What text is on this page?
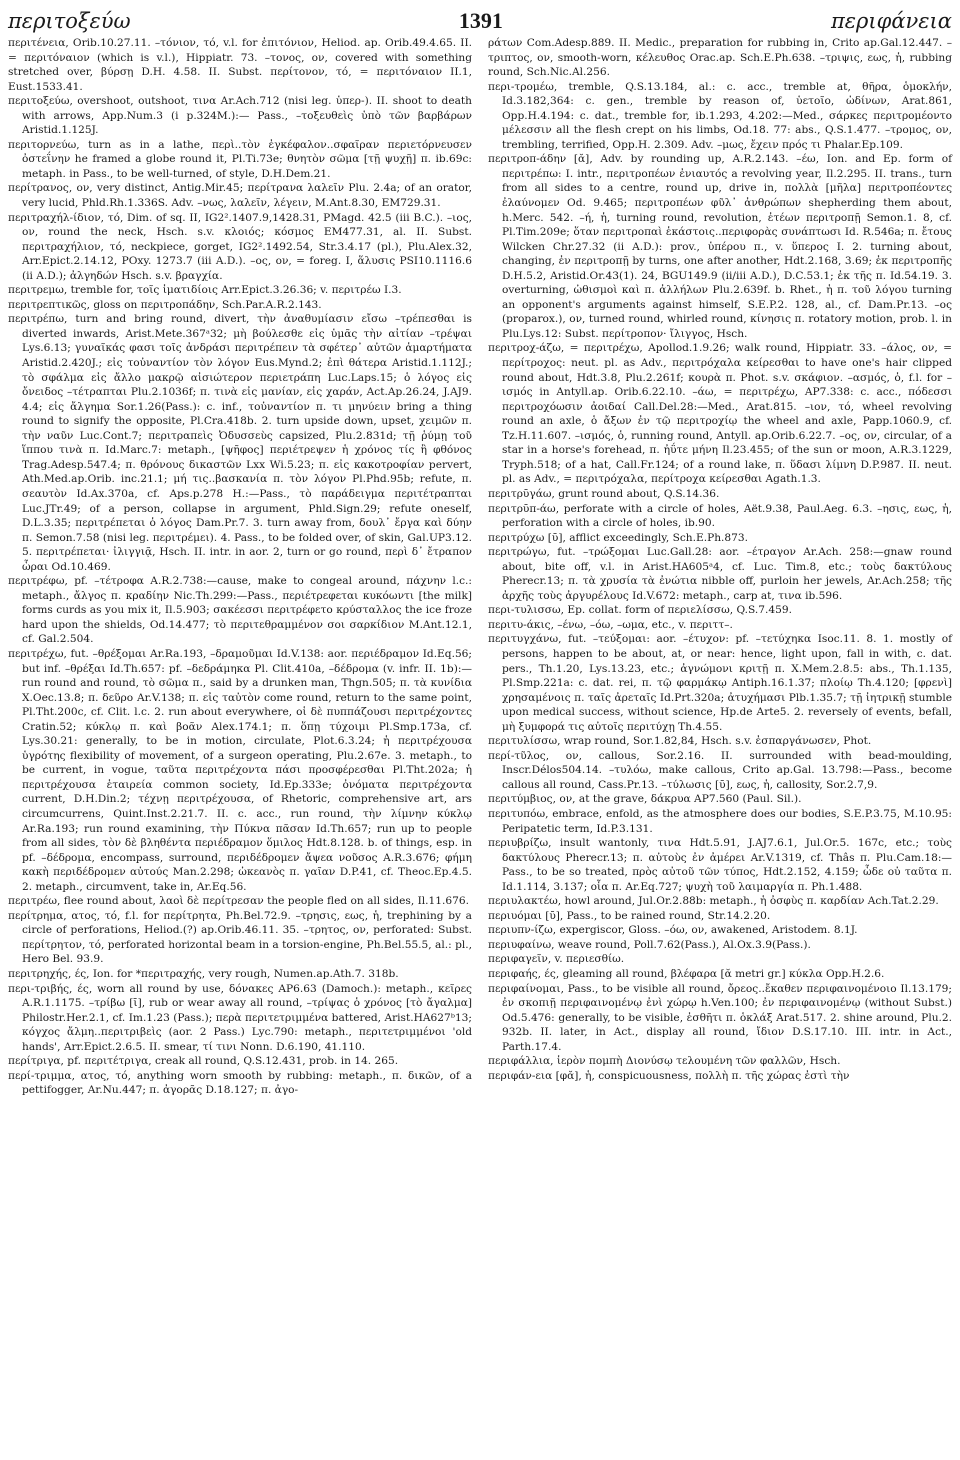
περιτοξεύω	1391	περιφάνεια

περιτένεια, Orib.10.27.11. –τόνιον, τό, v.l. for ἐπιτόνιον, Heliod. ap. Orib.49.4.65. II. = περιτόναιον (which is v.l.), Hippiatr. 73. –τονος, ον, covered with something stretched over, βύρσῃ D.H. 4.58. II. Subst. περίτονον, τό, = περιτόναιον II.1, Eust.1533.41.

περιτοξεύω, overshoot, outshoot, τινα Ar.Ach.712 (nisi leg. ὑπερ-). II. shoot to death with arrows, App.Num.3 (i p.324M.):— Pass., –τοξευθεὶς ὑπὸ τῶν βαρβάρων Aristid.1.125J.

περιτορνεύω, turn as in a lathe, περὶ..τὸν ἐγκέφαλον..σφαῖραν περιετόρνευσεν ὀστεΐνην he framed a globe round it, Pl.Ti.73e; θνητὸν σῶμα [τῇ ψυχῇ] π. ib.69c: metaph. in Pass., to be well-turned, of style, D.H.Dem.21.

περίτρανος, ον, very distinct, Antig.Mir.45; περίτρανα λαλεῖν Plu. 2.4a; of an orator, very lucid, Phld.Rh.1.336S. Adv. –νως, λαλεῖν, λέγειν, M.Ant.8.30, EM729.31.

περιτραχήλ-ίδιον, τό, Dim. of sq. II, IG2².1407.9,1428.31, PMagd. 42.5 (iii B.C.). –ιος, ον, round the neck, Hsch. s.v. κλοιός; κόσμος EM477.31, al. II. Subst. περιτραχήλιον, τό, neckpiece, gorget, IG2².1492.54, Str.3.4.17 (pl.), Plu.Alex.32, Arr.Epict.2.14.12, POxy. 1273.7 (iii A.D.). –ος, ον, = foreg. I, ἅλυσις PSI10.1116.6 (ii A.D.); ἀλγηδών Hsch. s.v. βραγχία.

περιτρεμω, tremble for, τοῖς ἱματιδίοις Arr.Epict.3.26.36; v. περιτρέω I.3.

περιτρεπτικῶς, gloss on περιτροπάδην, Sch.Par.A.R.2.143.

περιτρέπω, turn and bring round, divert, τὴν ἀναθυμίασιν εἴσω –τρέπεσθαι is diverted inwards, Arist.Mete.367ᵃ32; μὴ βούλεσθε εἰς ὑμᾶς τὴν αἰτίαν –τρέψαι Lys.6.13; γυναῖκάς φασι τοῖς ἀνδράσι περιτρέπειν τὰ σφέτερ᾽ αὐτῶν ἁμαρτήματα Aristid.2.420J.; εἰς τοὐναντίον τὸν λόγον Eus.Mynd.2; ἐπὶ θάτερα Aristid.1.112J.; τὸ σφάλμα εἰς ἄλλο μακρῷ αἰσιώτερον περιετράπη Luc.Laps.15; ὁ λόγος εἰς ὄνειδος –τέτραπται Plu.2.1036f; π. τινὰ εἰς μανίαν, εἰς χαράν, Act.Ap.26.24, J.AJ9. 4.4; εἰς ἄλγημα Sor.1.26(Pass.): c. inf., τοὐναντίον π. τι μηνύειν bring a thing round to signify the opposite, Pl.Cra.418b. 2. turn upside down, upset, χειμῶν π. τὴν ναῦν Luc.Cont.7; περιτραπεὶς Ὀδυσσεὺς capsized, Plu.2.831d; τῇ ῥύμῃ τοῦ ἵππου τινὰ π. Id.Marc.7: metaph., [ψῆφος] περιέτρεψεν ἡ χρόνος τίς ἢ φθόνος Trag.Adesp.547.4; π. θρόνους δικαστῶν Lxx Wi.5.23; π. εἰς κακοτροφίαν pervert, Ath.Med.ap.Orib. inc.21.1; μή τις..βασκανία π. τὸν λόγον Pl.Phd.95b; refute, π. σεαυτὸν Id.Ax.370a, cf. Aps.p.278 H.:—Pass., τὸ παράδειγμα περιτέτραπται Luc.JTr.49; of a person, collapse in argument, Phld.Sign.29; refute oneself, D.L.3.35; περιτρέπεται ὁ λόγος Dam.Pr.7. 3. turn away from, δουλ᾽ ἔργα καὶ δύην π. Semon.7.58 (nisi leg. περιτρέμει). 4. Pass., to be folded over, of skin, Gal.UP3.12. 5. περιτρέπεται· ἰλιγγιᾷ, Hsch. II. intr. in aor. 2, turn or go round, περὶ δ᾽ ἔτραπον ὧραι Od.10.469.

περιτρέφω, pf. –τέτροφα A.R.2.738:—cause, make to congeal around, πάχνην l.c.: metaph., ἄλγος π. κραδίην Nic.Th.299:—Pass., περιέτρεφεται κυκόωντι [the milk] forms curds as you mix it, Il.5.903; σακέεσσι περιτρέφετο κρύσταλλος the ice froze hard upon the shields, Od.14.477; τὸ περιτεθραμμένον σοι σαρκίδιον M.Ant.12.1, cf. Gal.2.504.

περιτρέχω, fut. –θρέξομαι Ar.Ra.193, –δραμοῦμαι Id.V.138: aor. περιέδραμον Id.Eq.56; but inf. –θρέξαι Id.Th.657: pf. –δεδράμηκα Pl. Clit.410a, –δέδρομα (v. infr. II. 1b):—run round and round, τὸ σῶμα π., said by a drunken man, Thgn.505; π. τὰ κυνίδια X.Oec.13.8; π. δεῦρο Ar.V.138; π. εἰς ταὐτὸν come round, return to the same point, Pl.Tht.200c, cf. Clit. l.c. 2. run about everywhere, οἱ δὲ πυππάζουσι περιτρέχοντες Cratin.52; κύκλῳ π. καὶ βοᾶν Alex.174.1; π. ὅπῃ τύχοιμι Pl.Smp.173a, cf. Lys.30.21: generally, to be in motion, circulate, Plot.6.3.24; ἡ περιτρέχουσα ὑγρότης flexibility of movement, of a surgeon operating, Plu.2.67e. 3. metaph., to be current, in vogue, ταῦτα περιτρέχοντα πάσι προσφέρεσθαι Pl.Tht.202a; ἡ περιτρέχουσα ἑταιρεία common society, Id.Ep.333e; ὀνόματα περιτρέχοντα current, D.H.Din.2; τέχνῃ περιτρέχουσα, of Rhetoric, comprehensive art, ars circumcurrens, Quint.Inst.2.21.7. II. c. acc., run round, τὴν λίμνην κύκλῳ Ar.Ra.193; run round examining, τὴν Πύκνα πᾶσαν Id.Th.657; run up to people from all sides, τὸν δὲ βληθέντα περιέδραμον ὅμιλος Hdt.8.128. b. of things, esp. in pf. –δέδρομα, encompass, surround, περιδέδρομεν ἄψεα νοῦσος A.R.3.676; φήμη κακὴ περιδέδρομεν αὐτούς Man.2.298; ὠκεανὸς π. γαῖαν D.P.41, cf. Theoc.Ep.4.5. 2. metaph., circumvent, take in, Ar.Eq.56.

περιτρέω, flee round about, λαοὶ δὲ περίτρεσαν the people fled on all sides, Il.11.676.

περίτρημα, ατος, τό, f.l. for περίτρητα, Ph.Bel.72.9. –τρησις, εως, ἡ, trephining by a circle of perforations, Heliod.(?) ap.Orib.46.11. 35. –τρητος, ον, perforated: Subst. περίτρητον, τό, perforated horizontal beam in a torsion-engine, Ph.Bel.55.5, al.: pl., Hero Bel. 93.9.

περιτρηχής, ές, Ion. for *περιτραχής, very rough, Numen.ap.Ath.7. 318b.

περι-τριβής, ές, worn all round by use, δόνακες AP6.63 (Damoch.): metaph., κεῖρες A.R.1.1175. –τρίβω [ῑ], rub or wear away all round, –τρίψας ὁ χρόνος [τὸ ἄγαλμα] Philostr.Her.2.1, cf. Im.1.23 (Pass.); περὰ περιτετριμμένα battered, Arist.HA627ᵇ13; κόγχος ἄλμη..περιτριβεὶς (aor. 2 Pass.) Lyc.790: metaph., περιτετριμμένοι 'old hands', Arr.Epict.2.6.5. II. smear, τί τινι Nonn. D.6.190, 41.110.

περίτριγα, pf. περιτέτριγα, creak all round, Q.S.12.431, prob. in 14. 265.

περί-τριμμα, ατος, τό, anything worn smooth by rubbing: metaph., π. δικῶν, of a pettifogger, Ar.Nu.447; π. ἀγορᾶς D.18.127; π. ἀγο-

ράτων Com.Adesp.889. II. Medic., preparation for rubbing in, Crito ap.Gal.12.447. –τριπτος, ον, smooth-worn, κέλευθος Orac.ap. Sch.E.Ph.638. –τριψις, εως, ἡ, rubbing round, Sch.Nic.Al.256.

περι-τρομέω, tremble, Q.S.13.184, al.: c. acc., tremble at, θῆρα, ὁμοκλήν, Id.3.182,364: c. gen., tremble by reason of, ὑετοῖο, ὠδίνων, Arat.861, Opp.H.4.194: c. dat., tremble for, ib.1.293, 4.202:—Med., σάρκες περιτρομέοντο μέλεσσιν all the flesh crept on his limbs, Od.18. 77: abs., Q.S.1.477. –τρομος, ον, trembling, terrified, Opp.H. 2.309. Adv. –μως, ἔχειν πρός τι Phalar.Ep.109.

περιτροπ-άδην [ᾰ], Adv. by rounding up, A.R.2.143. –έω, Ion. and Ep. form of περιτρέπω: I. intr., περιτροπέων ἐνιαυτός a revolving year, Il.2.295. II. trans., turn from all sides to a centre, round up, drive in, πολλὰ [μῆλα] περιτροπέοντες ἐλαύνομεν Od. 9.465; περιτροπέων φῦλ᾽ ἀνθρώπων shepherding them about, h.Merc. 542. –ή, ἡ, turning round, revolution, ἐτέων περιτροπῇ Semon.1. 8, cf. Pl.Tim.209e; ὅταν περιτροπαὶ ἑκάστοις..περιφορὰς συνάπτωσι Id. R.546a; π. ἔτους Wilcken Chr.27.32 (ii A.D.): prov., ὑπέρου π., v. ὕπερος I. 2. turning about, changing, ἐν περιτροπῇ by turns, one after another, Hdt.2.168, 3.69; ἐκ περιτροπῆς D.H.5.2, Aristid.Or.43(1). 24, BGU149.9 (ii/iii A.D.), D.C.53.1; ἐκ τῆς π. Id.54.19. 3. overturning, ὠθισμοὶ καὶ π. ἀλλήλων Plu.2.639f. b. Rhet., ἡ π. τοῦ λόγου turning an opponent's arguments against himself, S.E.P.2. 128, al., cf. Dam.Pr.13. –ος (proparox.), ον, turned round, whirled round, κίνησις π. rotatory motion, prob. l. in Plu.Lys.12: Subst. περίτροπον· ἴλιγγος, Hsch.

περιτροχ-άζω, = περιτρέχω, Apollod.1.9.26; walk round, Hippiatr. 33. –άλος, ον, = περίτροχος: neut. pl. as Adv., περιτρόχαλα κείρεσθαι to have one's hair clipped round about, Hdt.3.8, Plu.2.261f; κουρὰ π. Phot. s.v. σκάφιον. –ασμός, ὁ, f.l. for –ισμός in Antyll.ap. Orib.6.22.10. –άω, = περιτρέχω, AP7.338: c. acc., πόδεσσι περιτροχόωσιν ἀοιδαί Call.Del.28:—Med., Arat.815. –ιον, τό, wheel revolving round an axle, ὁ ἄξων ἐν τῷ περιτροχίῳ the wheel and axle, Papp.1060.9, cf. Tz.H.11.607. –ισμός, ὁ, running round, Antyll. ap.Orib.6.22.7. –ος, ον, circular, of a star in a horse's forehead, π. ἠΰτε μήνη Il.23.455; of the sun or moon, A.R.3.1229, Tryph.518; of a hat, Call.Fr.124; of a round lake, π. ὕδασι λίμνη D.P.987. II. neut. pl. as Adv., = περιτρόχαλα, περίτροχα κείρεσθαι Agath.1.3.

περιτρῡγάω, grunt round about, Q.S.14.36.

περιτρῡπ-άω, perforate with a circle of holes, Aët.9.38, Paul.Aeg. 6.3. –ησις, εως, ἡ, perforation with a circle of holes, ib.90.

περιτρύχω [ῡ], afflict exceedingly, Sch.E.Ph.873.

περιτρώγω, fut. –τρώξομαι Luc.Gall.28: aor. –έτραγον Ar.Ach. 258:—gnaw round about, bite off, v.l. in Arist.HA605ᵃ4, cf. Luc. Tim.8, etc.; τοὺς δακτύλους Pherecr.13; π. τὰ χρυσία τὰ ἐνώτια nibble off, purloin her jewels, Ar.Ach.258; τῆς ἀρχῆς τοὺς ἀργυρέλους Id.V.672: metaph., carp at, τινα ib.596.

περι-τυλισσω, Ep. collat. form of περιελίσσω, Q.S.7.459.

περιτυ-άκις, –ένω, –όω, –ωμα, etc., v. περιττ–.

περιτυγχάνω, fut. –τεύξομαι: aor. –έτυχον: pf. –τετύχηκα Isoc.11. 8. 1. mostly of persons, happen to be about, at, or near: hence, light upon, fall in with, c. dat. pers., Th.1.20, Lys.13.23, etc.; ἀγνώμονι κριτῇ π. X.Mem.2.8.5: abs., Th.1.135, Pl.Smp.221a: c. dat. rei, π. τῷ φαρμάκῳ Antiph.16.1.37; πλοίῳ Th.4.120; [φρενὶ] χρησαμένοις π. ταῖς ἀρεταῖς Id.Prt.320a; ἀτυχήμασι Plb.1.35.7; τῇ ἰητρικῇ stumble upon medical success, without science, Hp.de Arte5. 2. reversely of events, befall, μὴ ξυμφορά τις αὐτοῖς περιτύχῃ Th.4.55.

περιτυλίσσω, wrap round, Sor.1.82,84, Hsch. s.v. ἐσπαργάνωσεν, Phot.

περί-τῦλος, ον, callous, Sor.2.16. II. surrounded with bead-moulding, Inscr.Délos504.14. –τυλόω, make callous, Crito ap.Gal. 13.798:—Pass., become callous all round, Cass.Pr.13. –τύλωσις [ῡ], εως, ἡ, callosity, Sor.2.7,9.

περιτύμβιος, ον, at the grave, δάκρυα AP7.560 (Paul. Sil.).

περιτυπόω, embrace, enfold, as the atmosphere does our bodies, S.E.P.3.75, M.10.95: Peripatetic term, Id.P.3.131.

περιυβρίζω, insult wantonly, τινα Hdt.5.91, J.AJ7.6.1, Jul.Or.5. 167c, etc.; τοὺς δακτύλους Pherecr.13; π. αὐτοὺς ἐν ἀμέρει Ar.V.1319, cf. Thâs π. Plu.Cam.18:—Pass., to be so treated, πρὸς αὐτοῦ τῶν τύπος, Hdt.2.152, 4.159; ὧδε οὐ ταῦτα π. Id.1.114, 3.137; οἷα π. Ar.Eq.727; ψυχὴ τοῦ λαιμαργία π. Ph.1.488.

περιυλακτέω, howl around, Jul.Or.2.88b: metaph., ἡ ὀσφὺς π. καρδίαν Ach.Tat.2.29.

περιυόμαι [ῡ], Pass., to be rained round, Str.14.2.20.

περιυπν-ίζω, expergiscor, Gloss. –όω, ον, awakened, Aristodem. 8.1J.

περιυφαίνω, weave round, Poll.7.62(Pass.), Al.Ox.3.9(Pass.).

περιφαγεῖν, v. περιεσθίω.

περιφαής, ές, gleaming all round, βλέφαρα [ᾰ metri gr.] κύκλα Opp.H.2.6.

περιφαίνομαι, Pass., to be visible all round, ὄρεος..ἔκαθεν περιφαινομένοιο Il.13.179; ἐν σκοπιῇ περιφαινομένῳ ἐνὶ χώρῳ h.Ven.100; ἐν περιφαινομένῳ (without Subst.) Od.5.476: generally, to be visible, ἐσθῆτι π. ὁκλάξ Arat.517. 2. shine around, Plu.2. 932b. II. later, in Act., display all round, ἴδιον D.S.17.10. III. intr. in Act., Parth.17.4.

περιφάλλια, ἱερὸν πομπὴ Διονύσῳ τελουμένη τῶν φαλλῶν, Hsch.

περιφάν-εια [φᾰ], ἡ, conspicuousness, πολλὴ π. τῆς χώρας ἐστὶ τὴν
